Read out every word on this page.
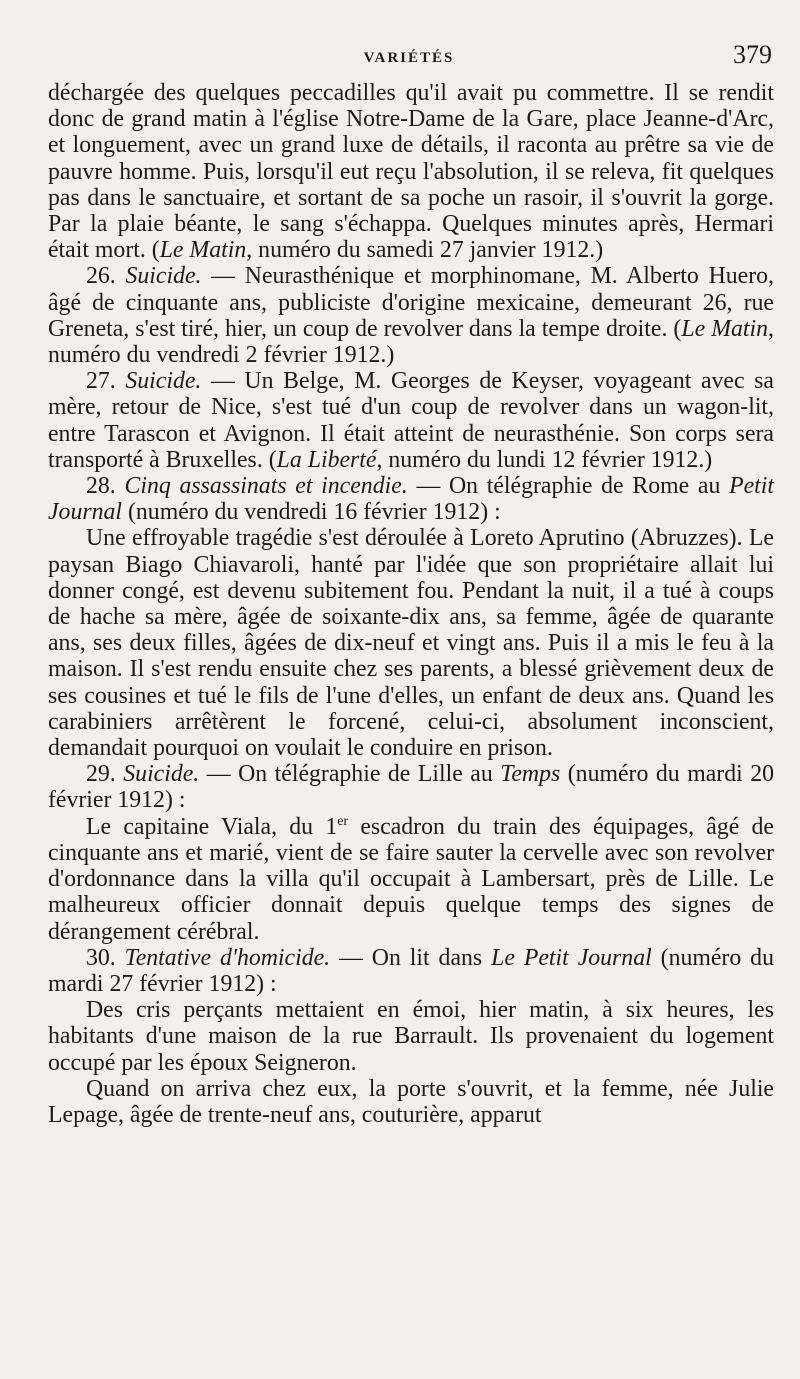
VARIÉTÉS	379

déchargée des quelques peccadilles qu'il avait pu commettre. Il se rendit donc de grand matin à l'église Notre-Dame de la Gare, place Jeanne-d'Arc, et longuement, avec un grand luxe de détails, il raconta au prêtre sa vie de pauvre homme. Puis, lorsqu'il eut reçu l'absolution, il se releva, fit quelques pas dans le sanctuaire, et sortant de sa poche un rasoir, il s'ouvrit la gorge. Par la plaie béante, le sang s'échappa. Quelques minutes après, Hermari était mort. (Le Matin, numéro du samedi 27 janvier 1912.)

26. Suicide. — Neurasthénique et morphinomane, M. Alberto Huero, âgé de cinquante ans, publiciste d'origine mexicaine, demeurant 26, rue Greneta, s'est tiré, hier, un coup de revolver dans la tempe droite. (Le Matin, numéro du vendredi 2 février 1912.)

27. Suicide. — Un Belge, M. Georges de Keyser, voyageant avec sa mère, retour de Nice, s'est tué d'un coup de revolver dans un wagon-lit, entre Tarascon et Avignon. Il était atteint de neurasthénie. Son corps sera transporté à Bruxelles. (La Liberté, numéro du lundi 12 février 1912.)

28. Cinq assassinats et incendie. — On télégraphie de Rome au Petit Journal (numéro du vendredi 16 février 1912) :

Une effroyable tragédie s'est déroulée à Loreto Aprutino (Abruzzes). Le paysan Biago Chiavaroli, hanté par l'idée que son propriétaire allait lui donner congé, est devenu subitement fou. Pendant la nuit, il a tué à coups de hache sa mère, âgée de soixante-dix ans, sa femme, âgée de quarante ans, ses deux filles, âgées de dix-neuf et vingt ans. Puis il a mis le feu à la maison. Il s'est rendu ensuite chez ses parents, a blessé grièvement deux de ses cousines et tué le fils de l'une d'elles, un enfant de deux ans. Quand les carabiniers arrêtèrent le forcené, celui-ci, absolument inconscient, demandait pourquoi on voulait le conduire en prison.

29. Suicide. — On télégraphie de Lille au Temps (numéro du mardi 20 février 1912) :

Le capitaine Viala, du 1er escadron du train des équipages, âgé de cinquante ans et marié, vient de se faire sauter la cervelle avec son revolver d'ordonnance dans la villa qu'il occupait à Lambersart, près de Lille. Le malheureux officier donnait depuis quelque temps des signes de dérangement cérébral.

30. Tentative d'homicide. — On lit dans Le Petit Journal (numéro du mardi 27 février 1912) :

Des cris perçants mettaient en émoi, hier matin, à six heures, les habitants d'une maison de la rue Barrault. Ils provenaient du logement occupé par les époux Seigneron.

Quand on arriva chez eux, la porte s'ouvrit, et la femme, née Julie Lepage, âgée de trente-neuf ans, couturière, apparut
